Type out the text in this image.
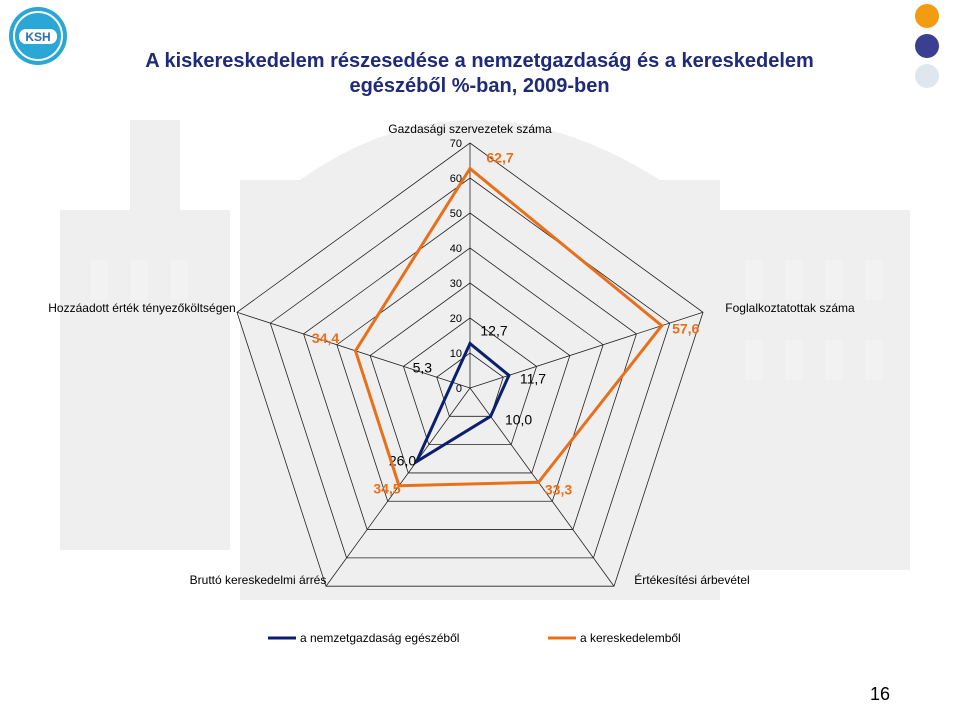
KSH
A kiskereskedelem részesedése a nemzetgazdaság és a kereskedelem
egészéből %-ban, 2009-ben
0
10
20
30
40
50
60
70
Gazdasági szervezetek száma
Foglalkoztatottak száma
Értékesítési árbevétel
Bruttó kereskedelmi árrés
Hozzáadott érték tényezőköltségen
12,7
11,7
10,0
26,0
5,3
62,7
57,6
33,3
34,5
34,4
a nemzetgazdaság egészéből	a kereskedelemből
16
